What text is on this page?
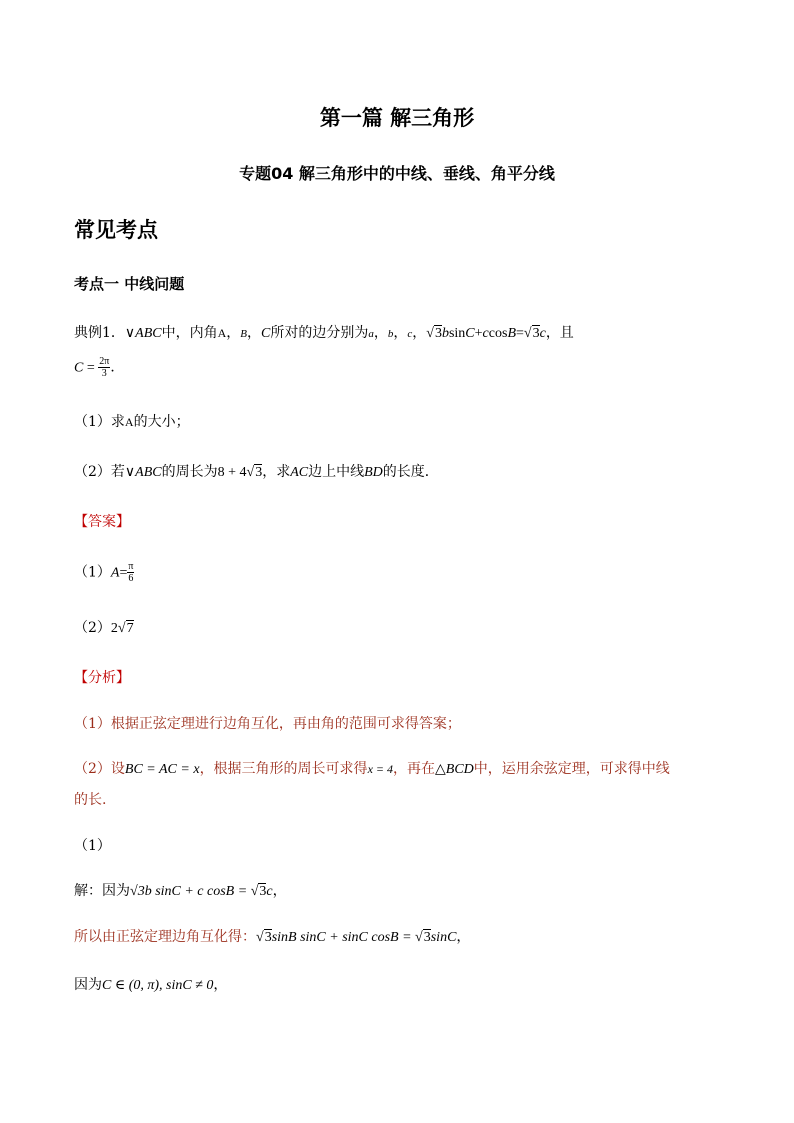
第一篇 解三角形
专题04 解三角形中的中线、垂线、角平分线
常见考点
考点一 中线问题
典例1．∨ABC中，内角A，B，C所对的边分别为a，b，c，√3bsinC+ccosB=√3c，且
$C = \frac{2\pi}{3}$ ．
（1）求A的大小；
（2）若∨ABC的周长为8 + 4√3，求AC边上中线BD的长度．
【答案】
$(1)A= \frac{\pi}{6}$
（2）2√7
【分析】
（1）根据正弦定理进行边角互化，再由角的范围可求得答案；
（2）设BC = AC = x，根据三角形的周长可求得x = 4，再在△BCD中，运用余弦定理，可求得中线
的长.
（1）
解：因为√3b sinC + c cosB = √3c，
所以由正弦定理边角互化得：√3sinB sinC + sinC cosB = √3sinC，
因为C ∈ (0, π), sinC ≠ 0，
